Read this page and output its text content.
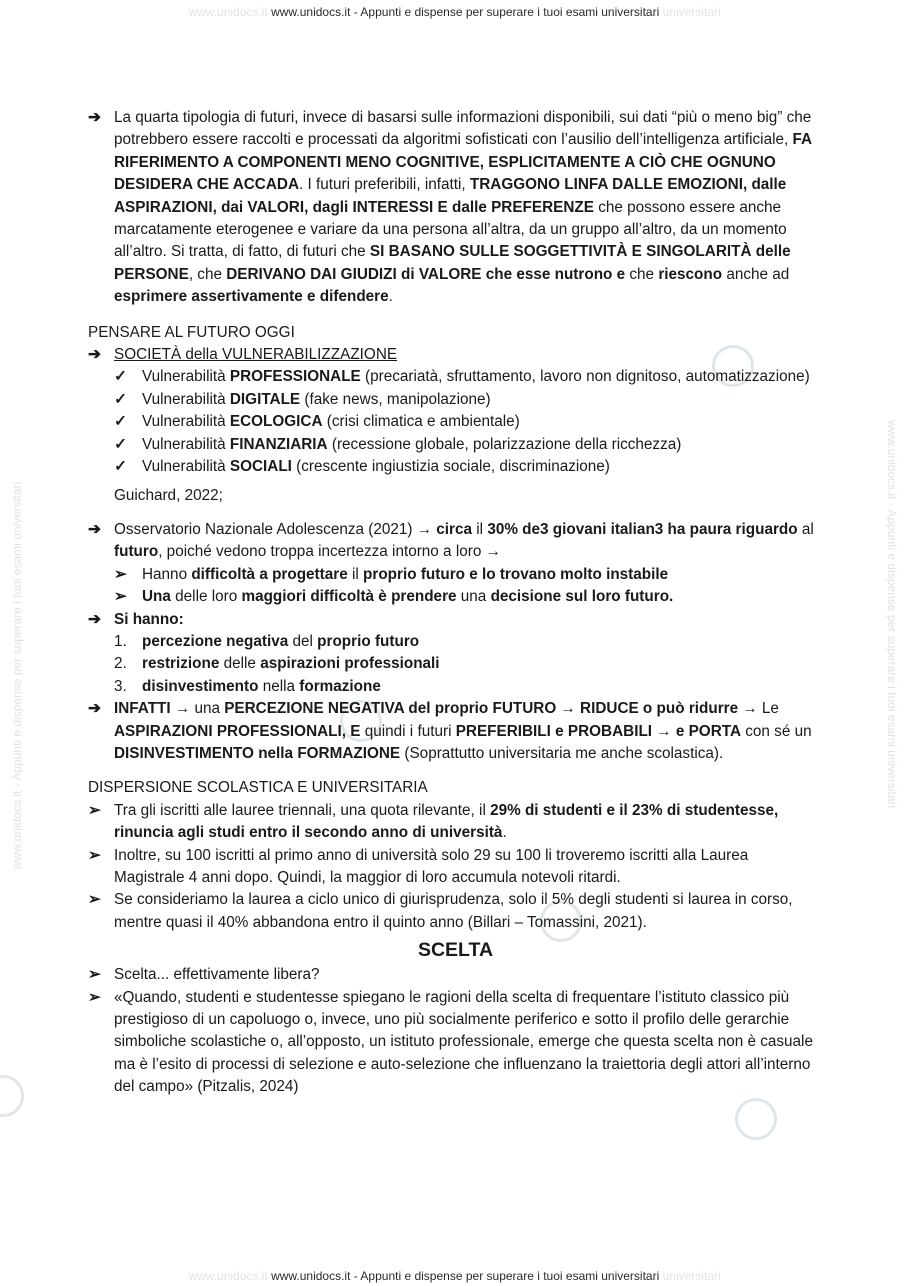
www.unidocs.it www.unidocs.it - Appunti e dispense per superare i tuoi esami universitari universitari
www.unidocs.it - Appunti e dispense per superare i tuoi esami universitari	www.unidocs.it - Appunti e dispense per superare i tuoi esami universitari
➔ La quarta tipologia di futuri, invece di basarsi sulle informazioni disponibili, sui dati “più o meno big” che potrebbero essere raccolti e processati da algoritmi sofisticati con l’ausilio dell’intelligenza artificiale, FA RIFERIMENTO A COMPONENTI MENO COGNITIVE, ESPLICITAMENTE A CIÒ CHE OGNUNO DESIDERA CHE ACCADA. I futuri preferibili, infatti, TRAGGONO LINFA DALLE EMOZIONI, dalle ASPIRAZIONI, dai VALORI, dagli INTERESSI E dalle PREFERENZE che possono essere anche marcatamente eterogenee e variare da una persona all’altra, da un gruppo all’altro, da un momento all’altro. Si tratta, di fatto, di futuri che SI BASANO SULLE SOGGETTIVITÀ E SINGOLARITÀ delle PERSONE, che DERIVANO DAI GIUDIZI di VALORE che esse nutrono e che riescono anche ad esprimere assertivamente e difendere.
PENSARE AL FUTURO OGGI
➔ SOCIETÀ della VULNERABILIZZAZIONE
✓ Vulnerabilità PROFESSIONALE (precariatà, sfruttamento, lavoro non dignitoso, automatizzazione)
✓ Vulnerabilità DIGITALE (fake news, manipolazione)
✓ Vulnerabilità ECOLOGICA (crisi climatica e ambientale)
✓ Vulnerabilità FINANZIARIA (recessione globale, polarizzazione della ricchezza)
✓ Vulnerabilità SOCIALI (crescente ingiustizia sociale, discriminazione)
Guichard, 2022;
➔ Osservatorio Nazionale Adolescenza (2021) → circa il 30% de3 giovani italian3 ha paura riguardo al futuro, poiché vedono troppa incertezza intorno a loro →
➢ Hanno difficoltà a progettare il proprio futuro e lo trovano molto instabile
➢ Una delle loro maggiori difficoltà è prendere una decisione sul loro futuro.
➔ Si hanno:
1. percezione negativa del proprio futuro
2. restrizione delle aspirazioni professionali
3. disinvestimento nella formazione
➔ INFATTI → una PERCEZIONE NEGATIVA del proprio FUTURO → RIDUCE o può ridurre → Le ASPIRAZIONI PROFESSIONALI, E quindi i futuri PREFERIBILI e PROBABILI → e PORTA con sé un DISINVESTIMENTO nella FORMAZIONE (Soprattutto universitaria me anche scolastica).
DISPERSIONE SCOLASTICA E UNIVERSITARIA
➢ Tra gli iscritti alle lauree triennali, una quota rilevante, il 29% di studenti e il 23% di studentesse, rinuncia agli studi entro il secondo anno di università.
➢ Inoltre, su 100 iscritti al primo anno di università solo 29 su 100 li troveremo iscritti alla Laurea Magistrale 4 anni dopo. Quindi, la maggior di loro accumula notevoli ritardi.
➢ Se consideriamo la laurea a ciclo unico di giurisprudenza, solo il 5% degli studenti si laurea in corso, mentre quasi il 40% abbandona entro il quinto anno (Billari – Tomassini, 2021).
SCELTA
➢ Scelta... effettivamente libera?
➢ «Quando, studenti e studentesse spiegano le ragioni della scelta di frequentare l’istituto classico più prestigioso di un capoluogo o, invece, uno più socialmente periferico e sotto il profilo delle gerarchie simboliche scolastiche o, all’opposto, un istituto professionale, emerge che questa scelta non è casuale ma è l’esito di processi di selezione e auto-selezione che influenzano la traiettoria degli attori all’interno del campo» (Pitzalis, 2024)
www.unidocs.it www.unidocs.it - Appunti e dispense per superare i tuoi esami universitari universitari
